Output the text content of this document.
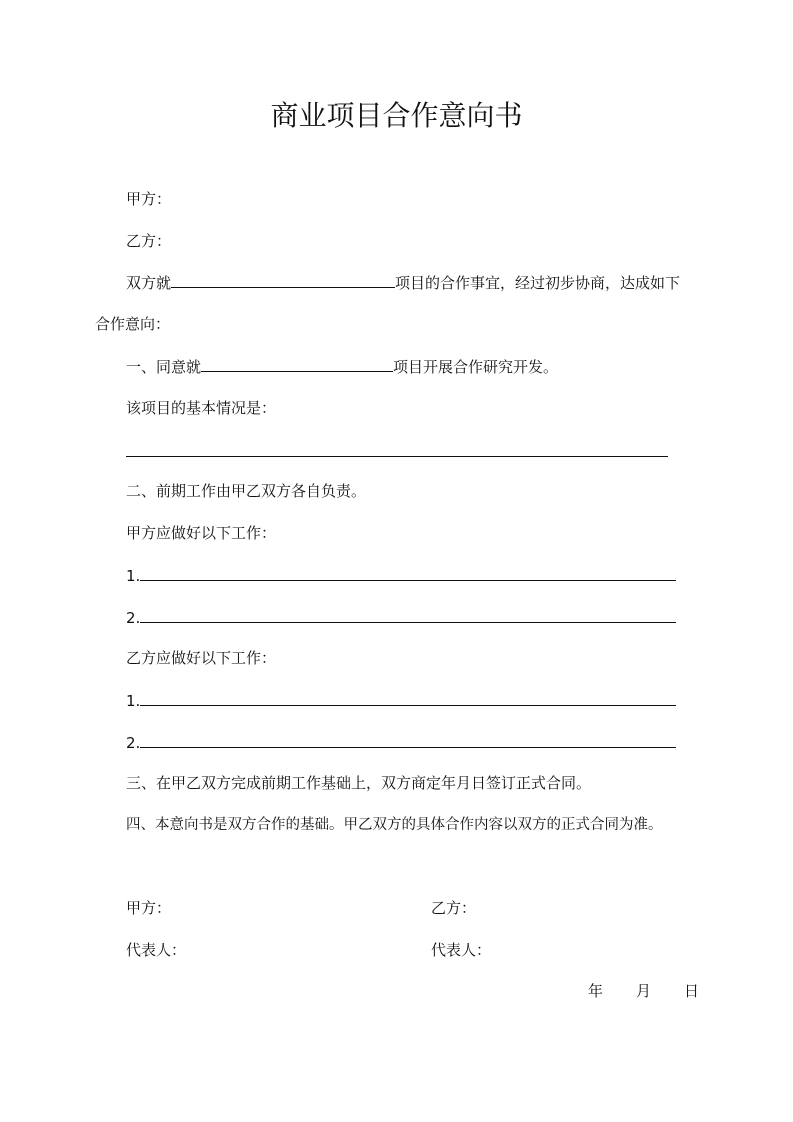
商业项目合作意向书
甲方：
乙方：
双方就	项目的合作事宜，经过初步协商，达成如下
合作意向：
一、同意就	项目开展合作研究开发。
该项目的基本情况是：
二、前期工作由甲乙双方各自负责。
甲方应做好以下工作：
1.
2.
乙方应做好以下工作：
1.
2.
三、在甲乙双方完成前期工作基础上，双方商定年月日签订正式合同。
四、本意向书是双方合作的基础。甲乙双方的具体合作内容以双方的正式合同为准。
甲方：	乙方：
代表人：	代表人：
年 月 日
